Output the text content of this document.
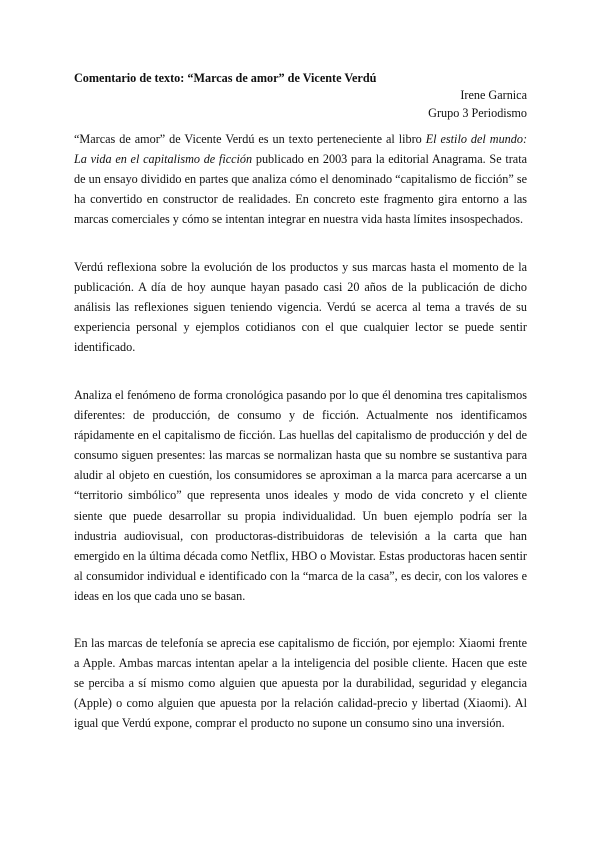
Comentario de texto: “Marcas de amor” de Vicente Verdú
Irene Garnica
Grupo 3 Periodismo

“Marcas de amor” de Vicente Verdú es un texto perteneciente al libro El estilo del mundo: La vida en el capitalismo de ficción publicado en 2003 para la editorial Anagrama. Se trata de un ensayo dividido en partes que analiza cómo el denominado “capitalismo de ficción” se ha convertido en constructor de realidades. En concreto este fragmento gira entorno a las marcas comerciales y cómo se intentan integrar en nuestra vida hasta límites insospechados.

Verdú reflexiona sobre la evolución de los productos y sus marcas hasta el momento de la publicación. A día de hoy aunque hayan pasado casi 20 años de la publicación de dicho análisis las reflexiones siguen teniendo vigencia. Verdú se acerca al tema a través de su experiencia personal y ejemplos cotidianos con el que cualquier lector se puede sentir identificado.

Analiza el fenómeno de forma cronológica pasando por lo que él denomina tres capitalismos diferentes: de producción, de consumo y de ficción. Actualmente nos identificamos rápidamente en el capitalismo de ficción. Las huellas del capitalismo de producción y del de consumo siguen presentes: las marcas se normalizan hasta que su nombre se sustantiva para aludir al objeto en cuestión, los consumidores se aproximan a la marca para acercarse a un “territorio simbólico” que representa unos ideales y modo de vida concreto y el cliente siente que puede desarrollar su propia individualidad. Un buen ejemplo podría ser la industria audiovisual, con productoras-distribuidoras de televisión a la carta que han emergido en la última década como Netflix, HBO o Movistar. Estas productoras hacen sentir al consumidor individual e identificado con la “marca de la casa”, es decir, con los valores e ideas en los que cada uno se basan.

En las marcas de telefonía se aprecia ese capitalismo de ficción, por ejemplo: Xiaomi frente a Apple. Ambas marcas intentan apelar a la inteligencia del posible cliente. Hacen que este se perciba a sí mismo como alguien que apuesta por la durabilidad, seguridad y elegancia (Apple) o como alguien que apuesta por la relación calidad-precio y libertad (Xiaomi). Al igual que Verdú expone, comprar el producto no supone un consumo sino una inversión.
